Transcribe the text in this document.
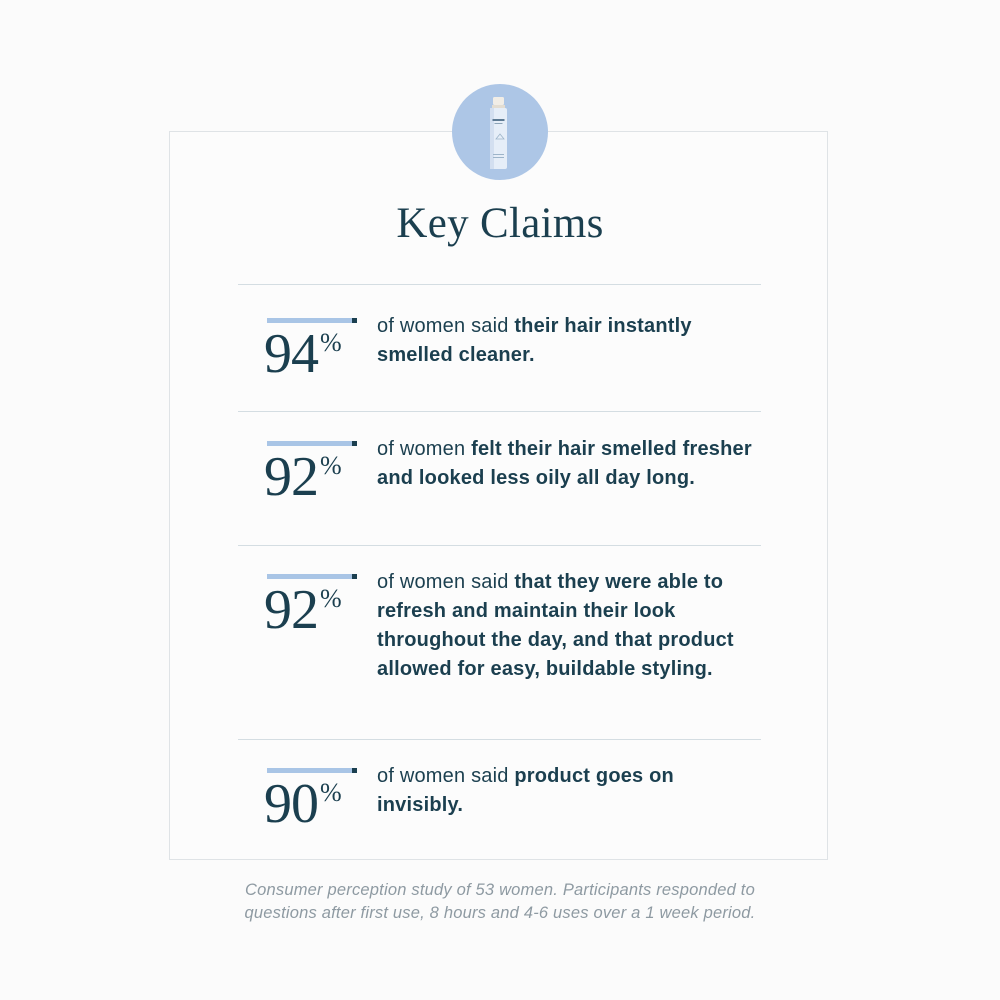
Key Claims
94%
of women said their hair instantly smelled cleaner.
92%
of women felt their hair smelled fresher and looked less oily all day long.
92%
of women said that they were able to refresh and maintain their look throughout the day, and that product allowed for easy, buildable styling.
90%
of women said product goes on invisibly.
Consumer perception study of 53 women. Participants responded to
questions after first use, 8 hours and 4-6 uses over a 1 week period.
